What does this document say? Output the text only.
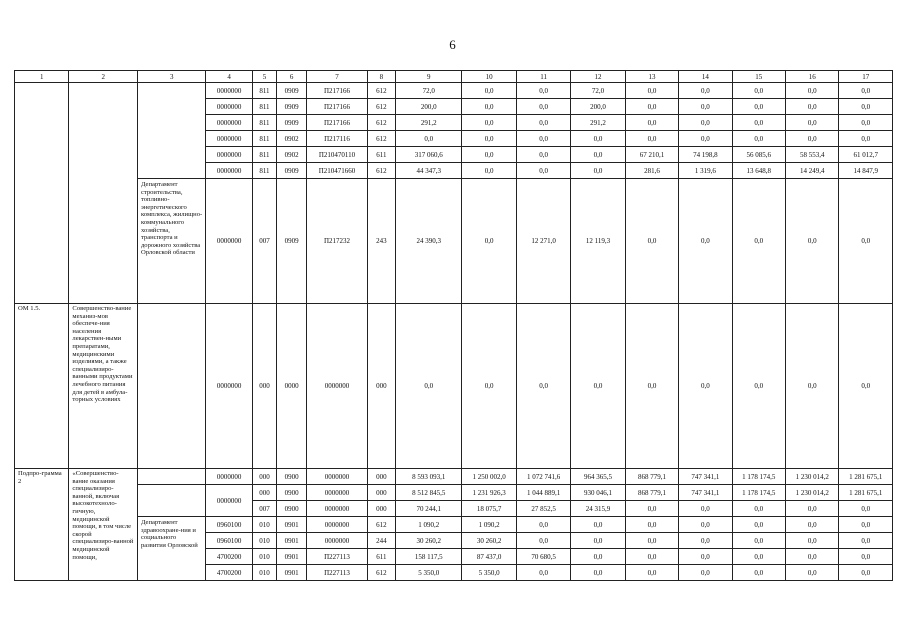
6
1	2	3	4	5	6	7	8	9	10	11	12	13	14	15	16	17
			0000000	811	0909	П217166	612	72,0	0,0	0,0	72,0	0,0	0,0	0,0	0,0	0,0
			0000000	811	0909	П217166	612	200,0	0,0	0,0	200,0	0,0	0,0	0,0	0,0	0,0
			0000000	811	0909	П217166	612	291,2	0,0	0,0	291,2	0,0	0,0	0,0	0,0	0,0
			0000000	811	0902	П217116	612	0,0	0,0	0,0	0,0	0,0	0,0	0,0	0,0	0,0
			0000000	811	0902	П210470110	611	317 060,6	0,0	0,0	0,0	67 210,1	74 198,8	56 085,6	58 553,4	61 012,7
			0000000	811	0909	П210471660	612	44 347,3	0,0	0,0	0,0	281,6	1 319,6	13 648,8	14 249,4	14 847,9
		Департамент строительства, топливно-энергетического комплекса, жилищно-коммунального хозяйства, транспорта и дорожного хозяйства Орловской области	0000000	007	0909	П217232	243	24 390,3	0,0	12 271,0	12 119,3	0,0	0,0	0,0	0,0	0,0
ОМ 1.5.	Совершенство-вание механиз-мов обеспече-ния населения лекарствен-ными препаратами, медицинскими изделиями, а также специализиро-ванными продуктами лечебного питания для детей в амбула-торных условиях		0000000	000	0000	0000000	000	0,0	0,0	0,0	0,0	0,0	0,0	0,0	0,0	0,0
Подпро-грамма 2	«Совершенство-вание оказания специализиро-ванной, включая высокотехноло-гичную, медицинской помощи, в том числе скорой специализиро-ванной медицинской помощи,		0000000	000	0900	0000000	000	8 593 093,1	1 250 002,0	1 072 741,6	964 365,5	868 779,1	747 341,1	1 178 174,5	1 230 014,2	1 281 675,1
			0000000	000	0900	0000000	000	8 512 845,5	1 231 926,3	1 044 889,1	930 046,1	868 779,1	747 341,1	1 178 174,5	1 230 014,2	1 281 675,1
				007	0900	0000000	000	70 244,1	18 075,7	27 852,5	24 315,9	0,0	0,0	0,0	0,0	0,0
		Департамент здравоохране-ния и социального развития Орловской	0960100	010	0901	0000000	612	1 090,2	1 090,2	0,0	0,0	0,0	0,0	0,0	0,0	0,0
			0960100	010	0901	0000000	244	30 260,2	30 260,2	0,0	0,0	0,0	0,0	0,0	0,0	0,0
			4700200	010	0901	П227113	611	158 117,5	87 437,0	70 680,5	0,0	0,0	0,0	0,0	0,0	0,0
			4700200	010	0901	П227113	612	5 350,0	5 350,0	0,0	0,0	0,0	0,0	0,0	0,0	0,0
